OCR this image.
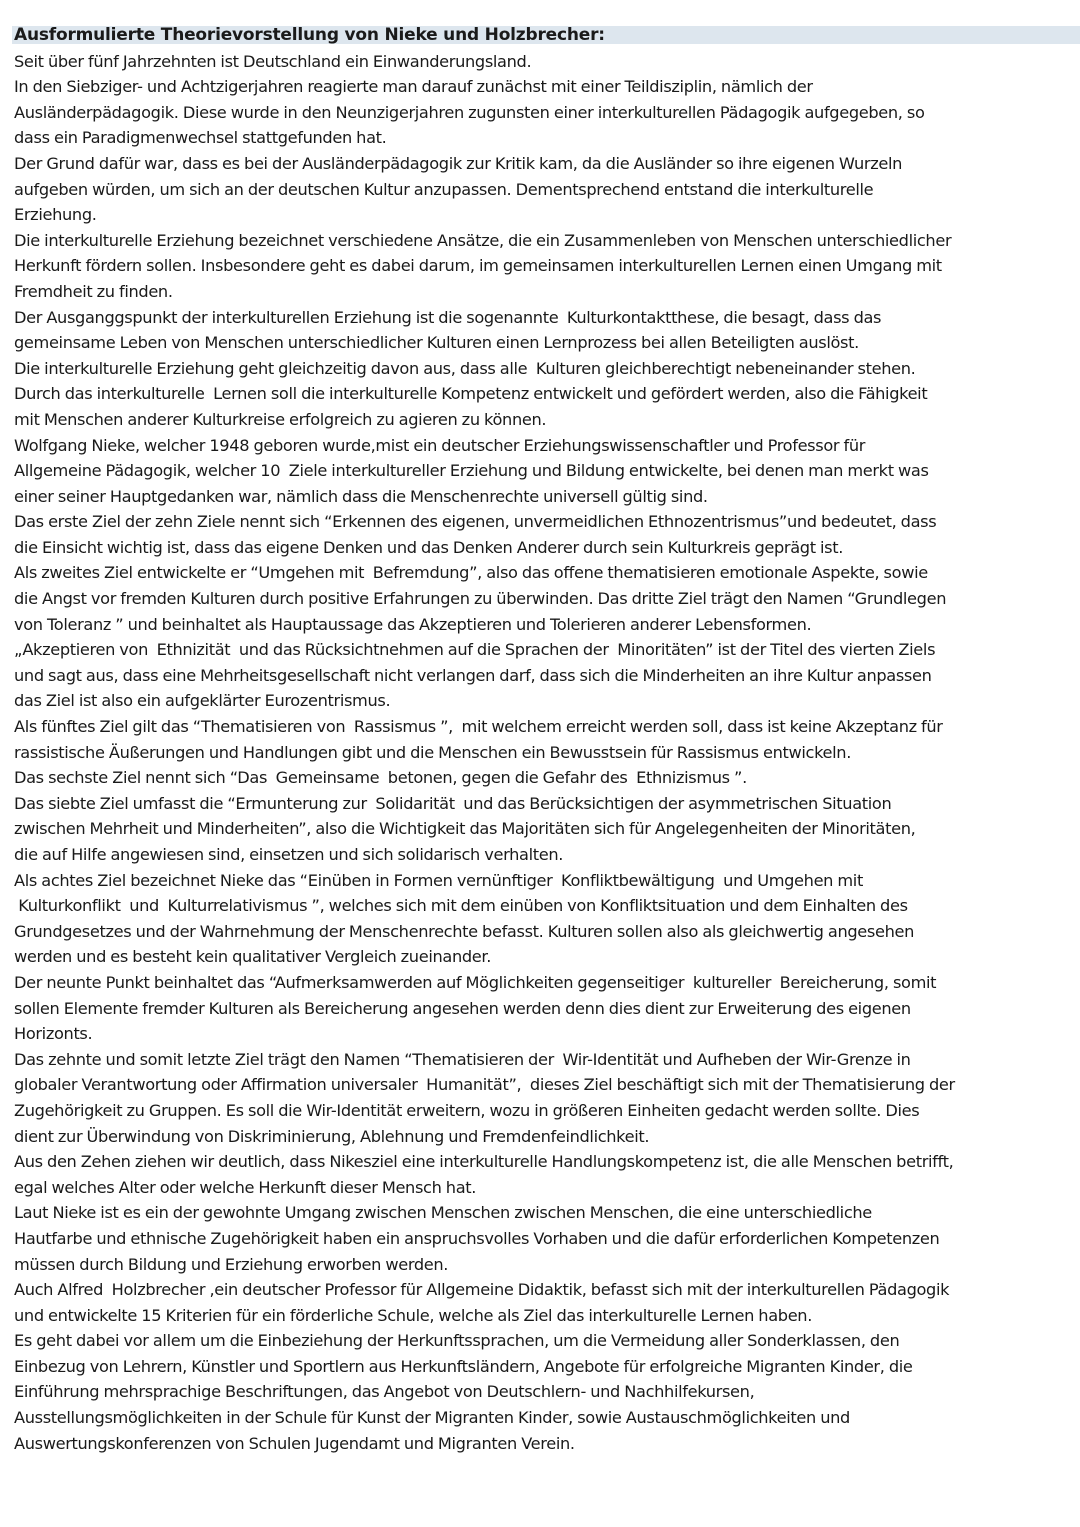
Ausformulierte Theorievorstellung von Nieke und Holzbrecher:
Seit über fünf Jahrzehnten ist Deutschland ein Einwanderungsland.
In den Siebziger- und Achtzigerjahren reagierte man darauf zunächst mit einer Teildisziplin, nämlich der
Ausländerpädagogik. Diese wurde in den Neunzigerjahren zugunsten einer interkulturellen Pädagogik aufgegeben, so
dass ein Paradigmenwechsel stattgefunden hat.
Der Grund dafür war, dass es bei der Ausländerpädagogik zur Kritik kam, da die Ausländer so ihre eigenen Wurzeln
aufgeben würden, um sich an der deutschen Kultur anzupassen. Dementsprechend entstand die interkulturelle
Erziehung.
Die interkulturelle Erziehung bezeichnet verschiedene Ansätze, die ein Zusammenleben von Menschen unterschiedlicher
Herkunft fördern sollen. Insbesondere geht es dabei darum, im gemeinsamen interkulturellen Lernen einen Umgang mit
Fremdheit zu finden.
Der Ausganggspunkt der interkulturellen Erziehung ist die sogenannte  Kulturkontaktthese, die besagt, dass das
gemeinsame Leben von Menschen unterschiedlicher Kulturen einen Lernprozess bei allen Beteiligten auslöst.
Die interkulturelle Erziehung geht gleichzeitig davon aus, dass alle  Kulturen gleichberechtigt nebeneinander stehen.
Durch das interkulturelle  Lernen soll die interkulturelle Kompetenz entwickelt und gefördert werden, also die Fähigkeit
mit Menschen anderer Kulturkreise erfolgreich zu agieren zu können.
Wolfgang Nieke, welcher 1948 geboren wurde,mist ein deutscher Erziehungswissenschaftler und Professor für
Allgemeine Pädagogik, welcher 10  Ziele interkultureller Erziehung und Bildung entwickelte, bei denen man merkt was
einer seiner Hauptgedanken war, nämlich dass die Menschenrechte universell gültig sind.
Das erste Ziel der zehn Ziele nennt sich “Erkennen des eigenen, unvermeidlichen Ethnozentrismus”und bedeutet, dass
die Einsicht wichtig ist, dass das eigene Denken und das Denken Anderer durch sein Kulturkreis geprägt ist.
Als zweites Ziel entwickelte er “Umgehen mit  Befremdung”, also das offene thematisieren emotionale Aspekte, sowie
die Angst vor fremden Kulturen durch positive Erfahrungen zu überwinden. Das dritte Ziel trägt den Namen “Grundlegen
von Toleranz ” und beinhaltet als Hauptaussage das Akzeptieren und Tolerieren anderer Lebensformen.
„Akzeptieren von  Ethnizität  und das Rücksichtnehmen auf die Sprachen der  Minoritäten” ist der Titel des vierten Ziels
und sagt aus, dass eine Mehrheitsgesellschaft nicht verlangen darf, dass sich die Minderheiten an ihre Kultur anpassen
das Ziel ist also ein aufgeklärter Eurozentrismus.
Als fünftes Ziel gilt das “Thematisieren von  Rassismus ”,  mit welchem erreicht werden soll, dass ist keine Akzeptanz für
rassistische Äußerungen und Handlungen gibt und die Menschen ein Bewusstsein für Rassismus entwickeln.
Das sechste Ziel nennt sich “Das  Gemeinsame  betonen, gegen die Gefahr des  Ethnizismus ”.
Das siebte Ziel umfasst die “Ermunterung zur  Solidarität  und das Berücksichtigen der asymmetrischen Situation
zwischen Mehrheit und Minderheiten”, also die Wichtigkeit das Majoritäten sich für Angelegenheiten der Minoritäten,
die auf Hilfe angewiesen sind, einsetzen und sich solidarisch verhalten.
Als achtes Ziel bezeichnet Nieke das “Einüben in Formen vernünftiger  Konfliktbewältigung  und Umgehen mit
Kulturkonflikt  und  Kulturrelativismus ”, welches sich mit dem einüben von Konfliktsituation und dem Einhalten des
Grundgesetzes und der Wahrnehmung der Menschenrechte befasst. Kulturen sollen also als gleichwertig angesehen
werden und es besteht kein qualitativer Vergleich zueinander.
Der neunte Punkt beinhaltet das “Aufmerksamwerden auf Möglichkeiten gegenseitiger  kultureller  Bereicherung, somit
sollen Elemente fremder Kulturen als Bereicherung angesehen werden denn dies dient zur Erweiterung des eigenen
Horizonts.
Das zehnte und somit letzte Ziel trägt den Namen “Thematisieren der  Wir-Identität und Aufheben der Wir-Grenze in
globaler Verantwortung oder Affirmation universaler  Humanität”,  dieses Ziel beschäftigt sich mit der Thematisierung der
Zugehörigkeit zu Gruppen. Es soll die Wir-Identität erweitern, wozu in größeren Einheiten gedacht werden sollte. Dies
dient zur Überwindung von Diskriminierung, Ablehnung und Fremdenfeindlichkeit.
Aus den Zehen ziehen wir deutlich, dass Nikesziel eine interkulturelle Handlungskompetenz ist, die alle Menschen betrifft,
egal welches Alter oder welche Herkunft dieser Mensch hat.
Laut Nieke ist es ein der gewohnte Umgang zwischen Menschen zwischen Menschen, die eine unterschiedliche
Hautfarbe und ethnische Zugehörigkeit haben ein anspruchsvolles Vorhaben und die dafür erforderlichen Kompetenzen
müssen durch Bildung und Erziehung erworben werden.
Auch Alfred  Holzbrecher ,ein deutscher Professor für Allgemeine Didaktik, befasst sich mit der interkulturellen Pädagogik
und entwickelte 15 Kriterien für ein förderliche Schule, welche als Ziel das interkulturelle Lernen haben.
Es geht dabei vor allem um die Einbeziehung der Herkunftssprachen, um die Vermeidung aller Sonderklassen, den
Einbezug von Lehrern, Künstler und Sportlern aus Herkunftsländern, Angebote für erfolgreiche Migranten Kinder, die
Einführung mehrsprachige Beschriftungen, das Angebot von Deutschlern- und Nachhilfekursen,
Ausstellungsmöglichkeiten in der Schule für Kunst der Migranten Kinder, sowie Austauschmöglichkeiten und
Auswertungskonferenzen von Schulen Jugendamt und Migranten Verein.
